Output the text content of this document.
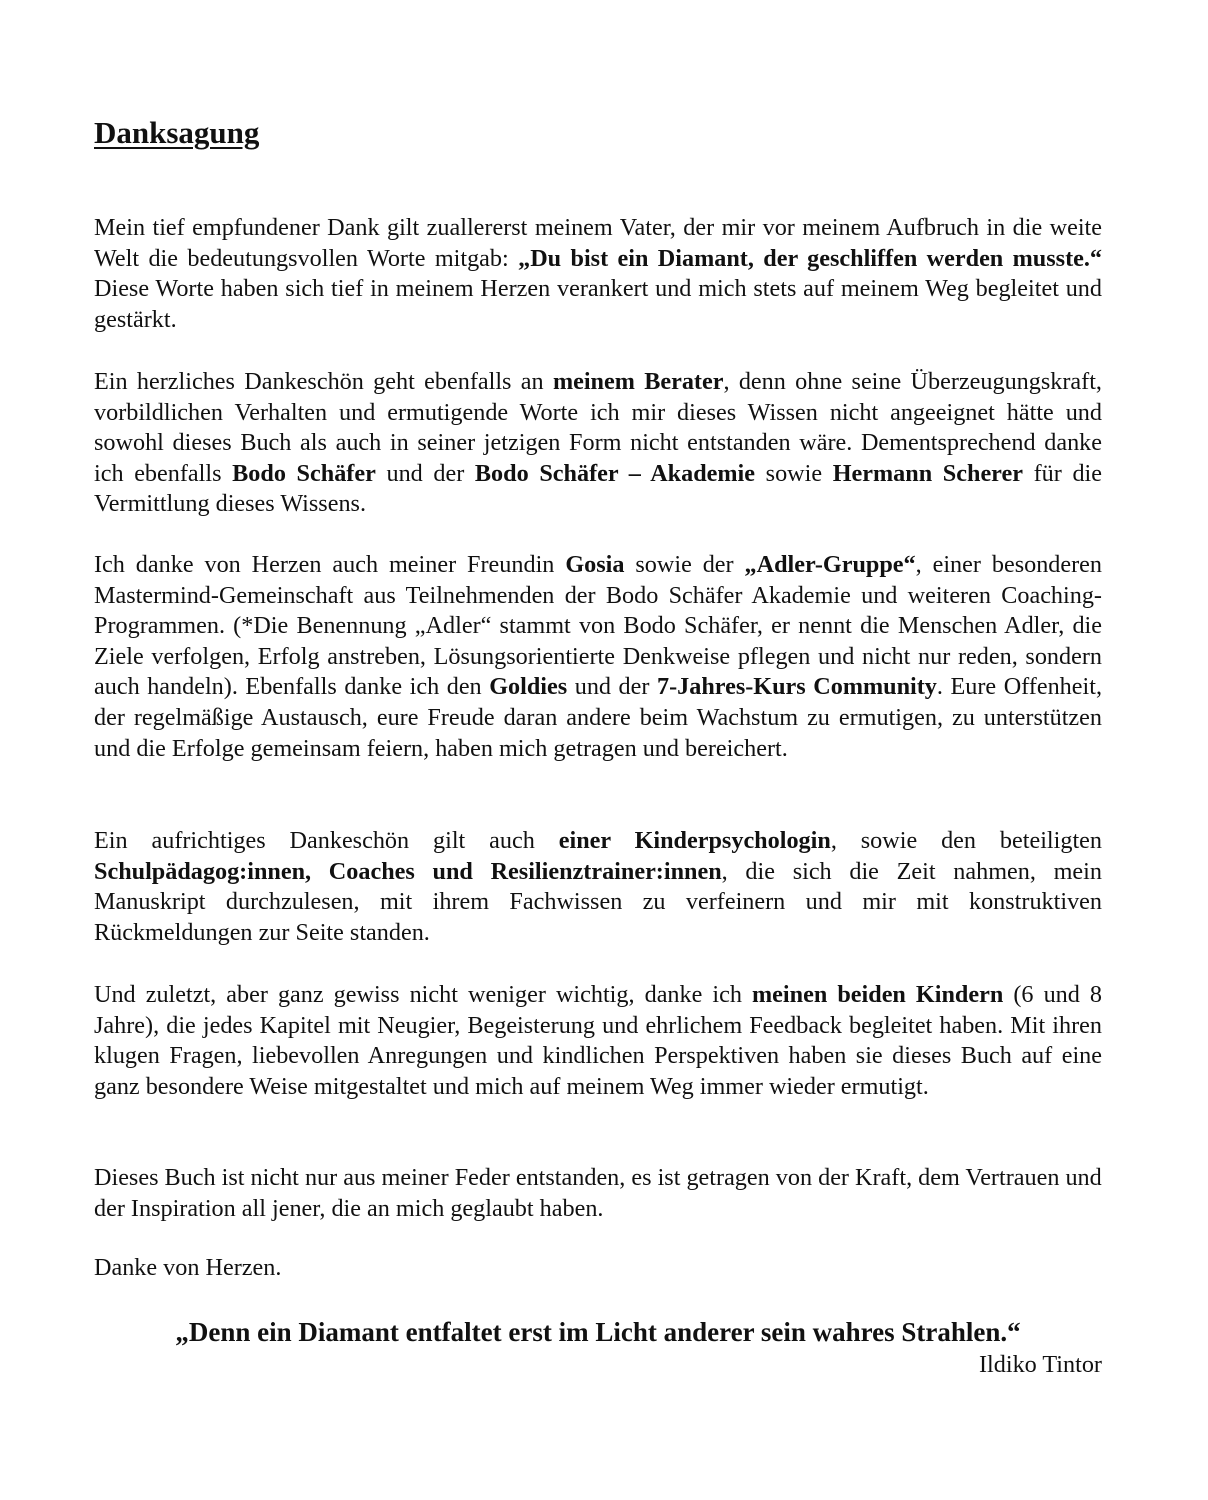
Danksagung

Mein tief empfundener Dank gilt zuallererst meinem Vater, der mir vor meinem Aufbruch in die weite Welt die bedeutungsvollen Worte mitgab: „Du bist ein Diamant, der geschliffen werden musste.“ Diese Worte haben sich tief in meinem Herzen verankert und mich stets auf meinem Weg begleitet und gestärkt.

Ein herzliches Dankeschön geht ebenfalls an meinem Berater, denn ohne seine Überzeugungskraft, vorbildlichen Verhalten und ermutigende Worte ich mir dieses Wissen nicht angeeignet hätte und sowohl dieses Buch als auch in seiner jetzigen Form nicht entstanden wäre. Dementsprechend danke ich ebenfalls Bodo Schäfer und der Bodo Schäfer – Akademie sowie Hermann Scherer für die Vermittlung dieses Wissens.

Ich danke von Herzen auch meiner Freundin Gosia sowie der „Adler-Gruppe“, einer besonderen Mastermind-Gemeinschaft aus Teilnehmenden der Bodo Schäfer Akademie und weiteren Coaching-Programmen. (*Die Benennung „Adler“ stammt von Bodo Schäfer, er nennt die Menschen Adler, die Ziele verfolgen, Erfolg anstreben, Lösungsorientierte Denkweise pflegen und nicht nur reden, sondern auch handeln). Ebenfalls danke ich den Goldies und der 7-Jahres-Kurs Community. Eure Offenheit, der regelmäßige Austausch, eure Freude daran andere beim Wachstum zu ermutigen, zu unterstützen und die Erfolge gemeinsam feiern, haben mich getragen und bereichert.

Ein aufrichtiges Dankeschön gilt auch einer Kinderpsychologin, sowie den beteiligten Schulpädagog:innen, Coaches und Resilienztrainer:innen, die sich die Zeit nahmen, mein Manuskript durchzulesen, mit ihrem Fachwissen zu verfeinern und mir mit konstruktiven Rückmeldungen zur Seite standen.

Und zuletzt, aber ganz gewiss nicht weniger wichtig, danke ich meinen beiden Kindern (6 und 8 Jahre), die jedes Kapitel mit Neugier, Begeisterung und ehrlichem Feedback begleitet haben. Mit ihren klugen Fragen, liebevollen Anregungen und kindlichen Perspektiven haben sie dieses Buch auf eine ganz besondere Weise mitgestaltet und mich auf meinem Weg immer wieder ermutigt.

Dieses Buch ist nicht nur aus meiner Feder entstanden, es ist getragen von der Kraft, dem Vertrauen und der Inspiration all jener, die an mich geglaubt haben.

Danke von Herzen.

„Denn ein Diamant entfaltet erst im Licht anderer sein wahres Strahlen.“

Ildiko Tintor
